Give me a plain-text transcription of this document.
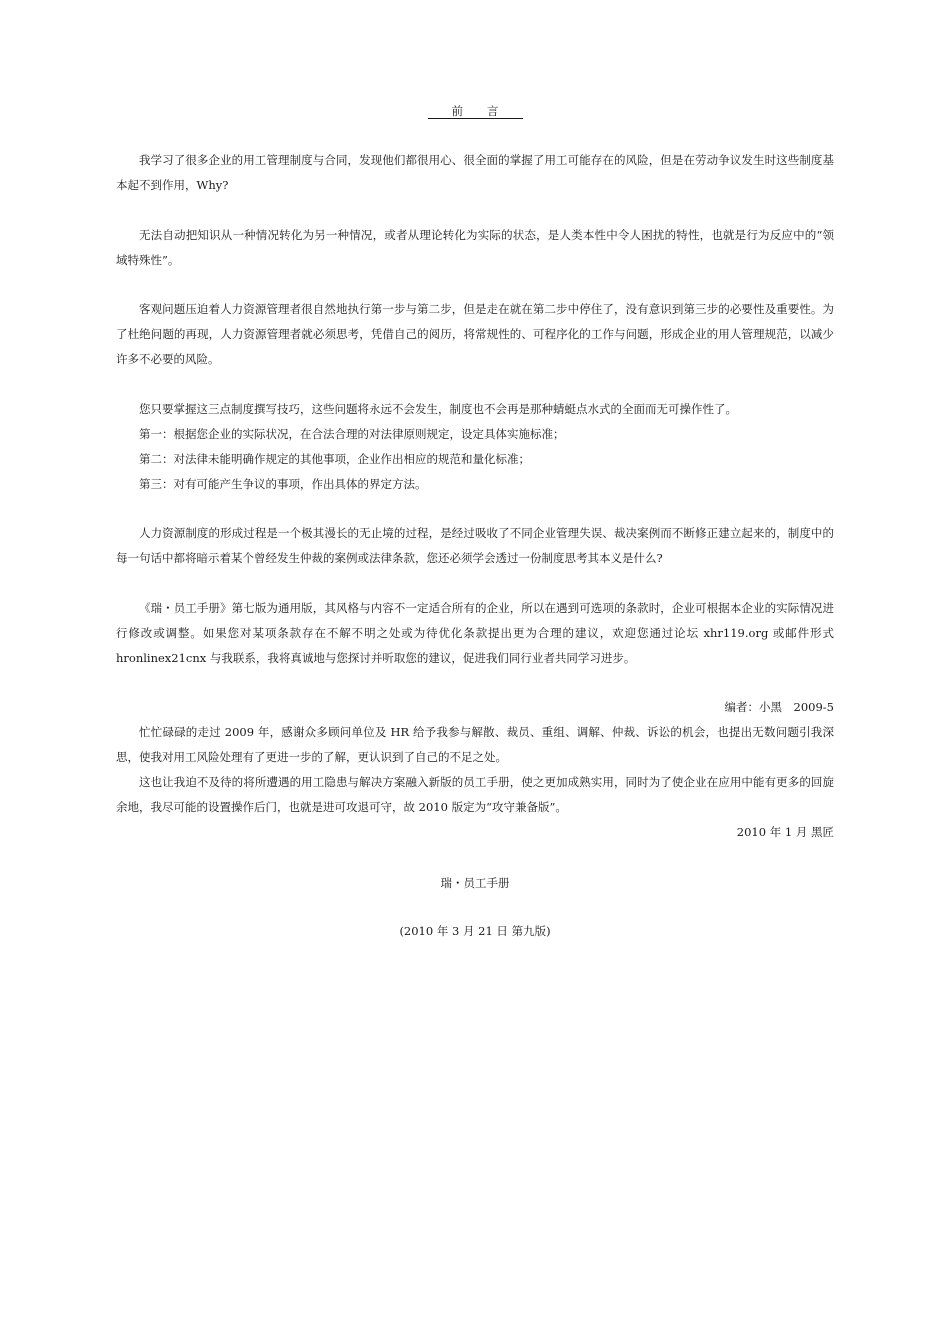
前言

我学习了很多企业的用工管理制度与合同，发现他们都很用心、很全面的掌握了用工可能存在的风险，但是在劳动争议发生时这些制度基本起不到作用，Why?

无法自动把知识从一种情况转化为另一种情况，或者从理论转化为实际的状态，是人类本性中令人困扰的特性，也就是行为反应中的“领域特殊性”。

客观问题压迫着人力资源管理者很自然地执行第一步与第二步，但是走在就在第二步中停住了，没有意识到第三步的必要性及重要性。为了杜绝问题的再现，人力资源管理者就必须思考，凭借自己的阅历，将常规性的、可程序化的工作与问题，形成企业的用人管理规范，以减少许多不必要的风险。

您只要掌握这三点制度撰写技巧，这些问题将永远不会发生，制度也不会再是那种蜻蜓点水式的全面而无可操作性了。

第一：根据您企业的实际状况，在合法合理的对法律原则规定，设定具体实施标准；
第二：对法律未能明确作规定的其他事项，企业作出相应的规范和量化标准；
第三：对有可能产生争议的事项，作出具体的界定方法。

人力资源制度的形成过程是一个极其漫长的无止境的过程，是经过吸收了不同企业管理失误、裁决案例而不断修正建立起来的，制度中的每一句话中都将暗示着某个曾经发生仲裁的案例或法律条款，您还必须学会透过一份制度思考其本义是什么?

《瑞・员工手册》第七版为通用版，其风格与内容不一定适合所有的企业，所以在遇到可选项的条款时，企业可根据本企业的实际情况进行修改或调整。如果您对某项条款存在不解不明之处或为待优化条款提出更为合理的建议，欢迎您通过论坛 xhr119.org 或邮件形式 hronlinex21cnx 与我联系，我将真诚地与您探讨并听取您的建议，促进我们同行业者共同学习进步。

编者：小黑　2009-5

忙忙碌碌的走过 2009 年，感谢众多顾问单位及 HR 给予我参与解散、裁员、重组、调解、仲裁、诉讼的机会，也提出无数问题引我深思，使我对用工风险处理有了更进一步的了解，更认识到了自己的不足之处。

这也让我迫不及待的将所遭遇的用工隐患与解决方案融入新版的员工手册，使之更加成熟实用，同时为了使企业在应用中能有更多的回旋余地，我尽可能的设置操作后门，也就是进可攻退可守，故 2010 版定为“攻守兼备版”。

2010 年 1 月 黑匠
瑞・员工手册
(2010 年 3 月 21 日 第九版)
